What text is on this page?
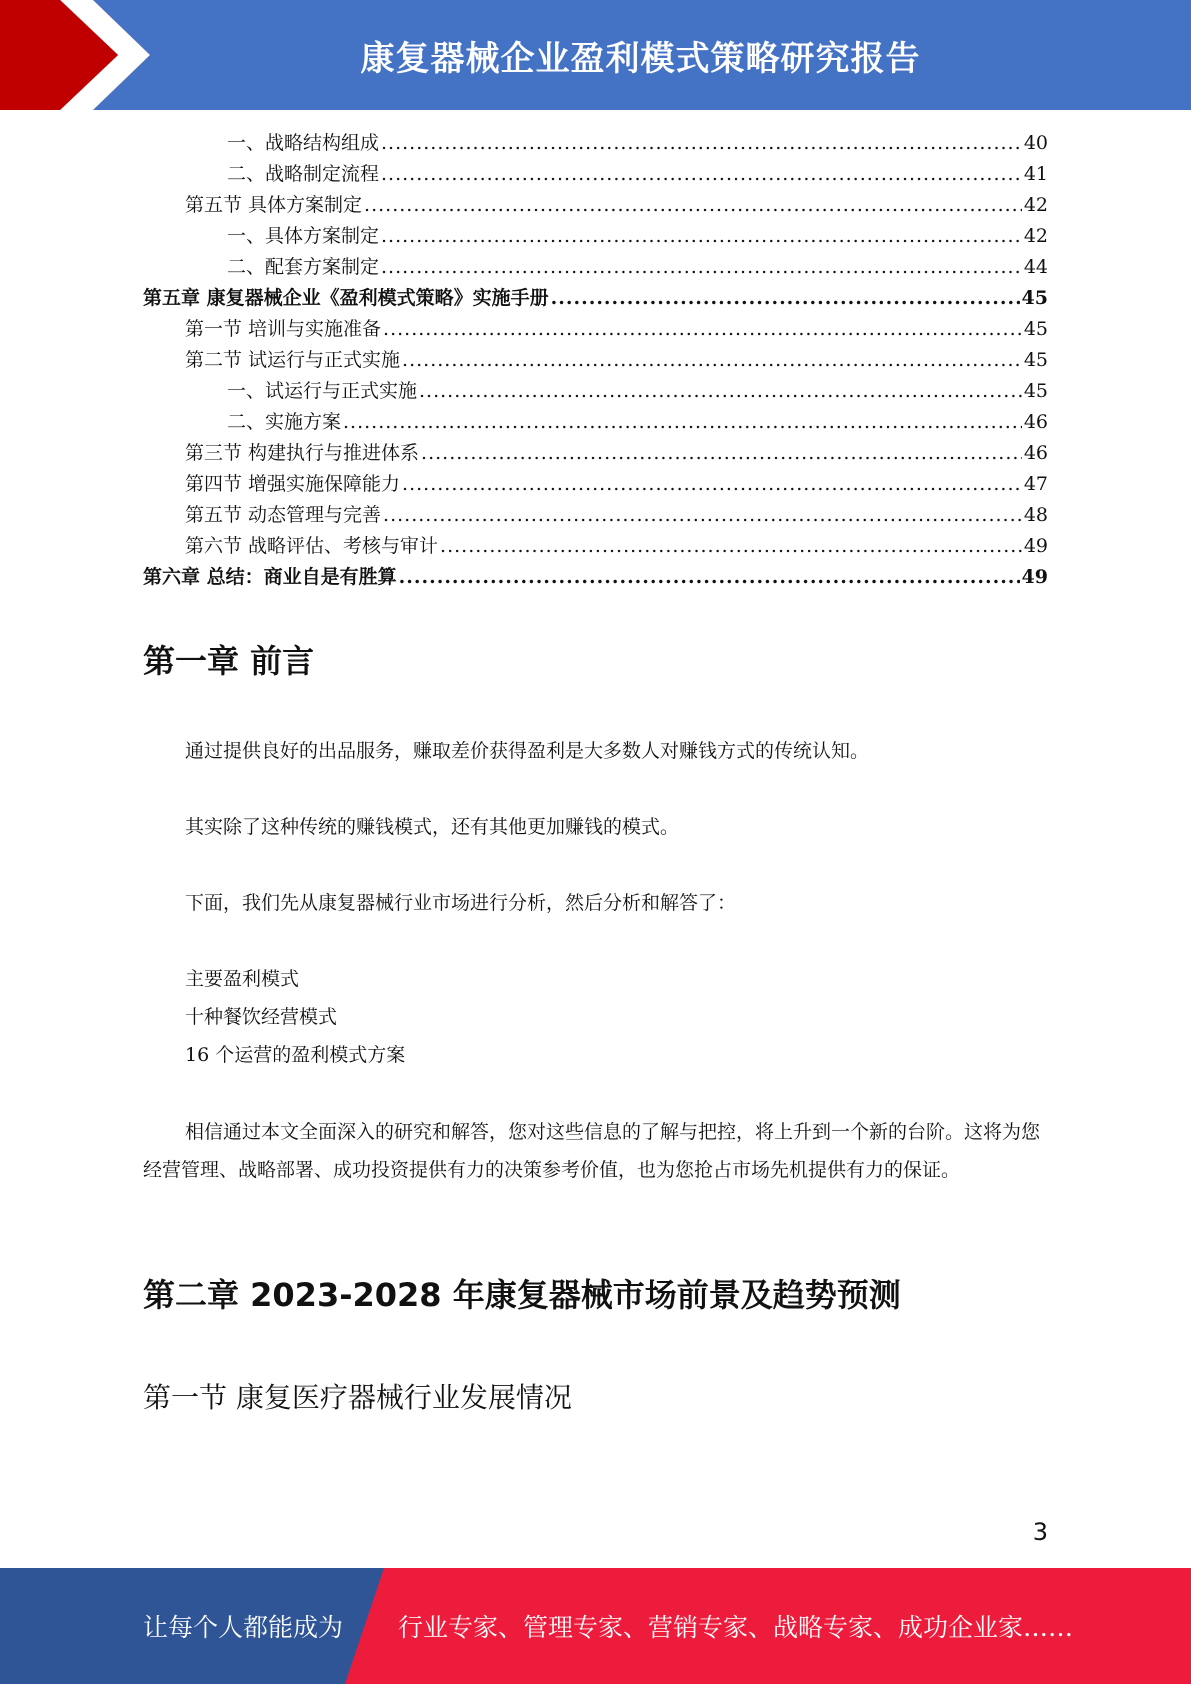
康复器械企业盈利模式策略研究报告
一、战略结构组成 .....	40
二、战略制定流程 .....	41
第五节 具体方案制定 .....	42
一、具体方案制定 .....	42
二、配套方案制定 .....	44
第五章 康复器械企业《盈利模式策略》实施手册 .....	45
第一节 培训与实施准备 .....	45
第二节 试运行与正式实施 .....	45
一、试运行与正式实施 .....	45
二、实施方案 .....	46
第三节 构建执行与推进体系 .....	46
第四节 增强实施保障能力 .....	47
第五节 动态管理与完善 .....	48
第六节 战略评估、考核与审计 .....	49
第六章 总结：商业自是有胜算 .....	49
第一章 前言

通过提供良好的出品服务，赚取差价获得盈利是大多数人对赚钱方式的传统认知。

其实除了这种传统的赚钱模式，还有其他更加赚钱的模式。

下面，我们先从康复器械行业市场进行分析，然后分析和解答了：

主要盈利模式
十种餐饮经营模式
16 个运营的盈利模式方案

相信通过本文全面深入的研究和解答，您对这些信息的了解与把控，将上升到一个新的台阶。这将为您经营管理、战略部署、成功投资提供有力的决策参考价值，也为您抢占市场先机提供有力的保证。

第二章 2023-2028 年康复器械市场前景及趋势预测
第一节 康复医疗器械行业发展情况
3
让每个人都能成为 行业专家、管理专家、营销专家、战略专家、成功企业家……
